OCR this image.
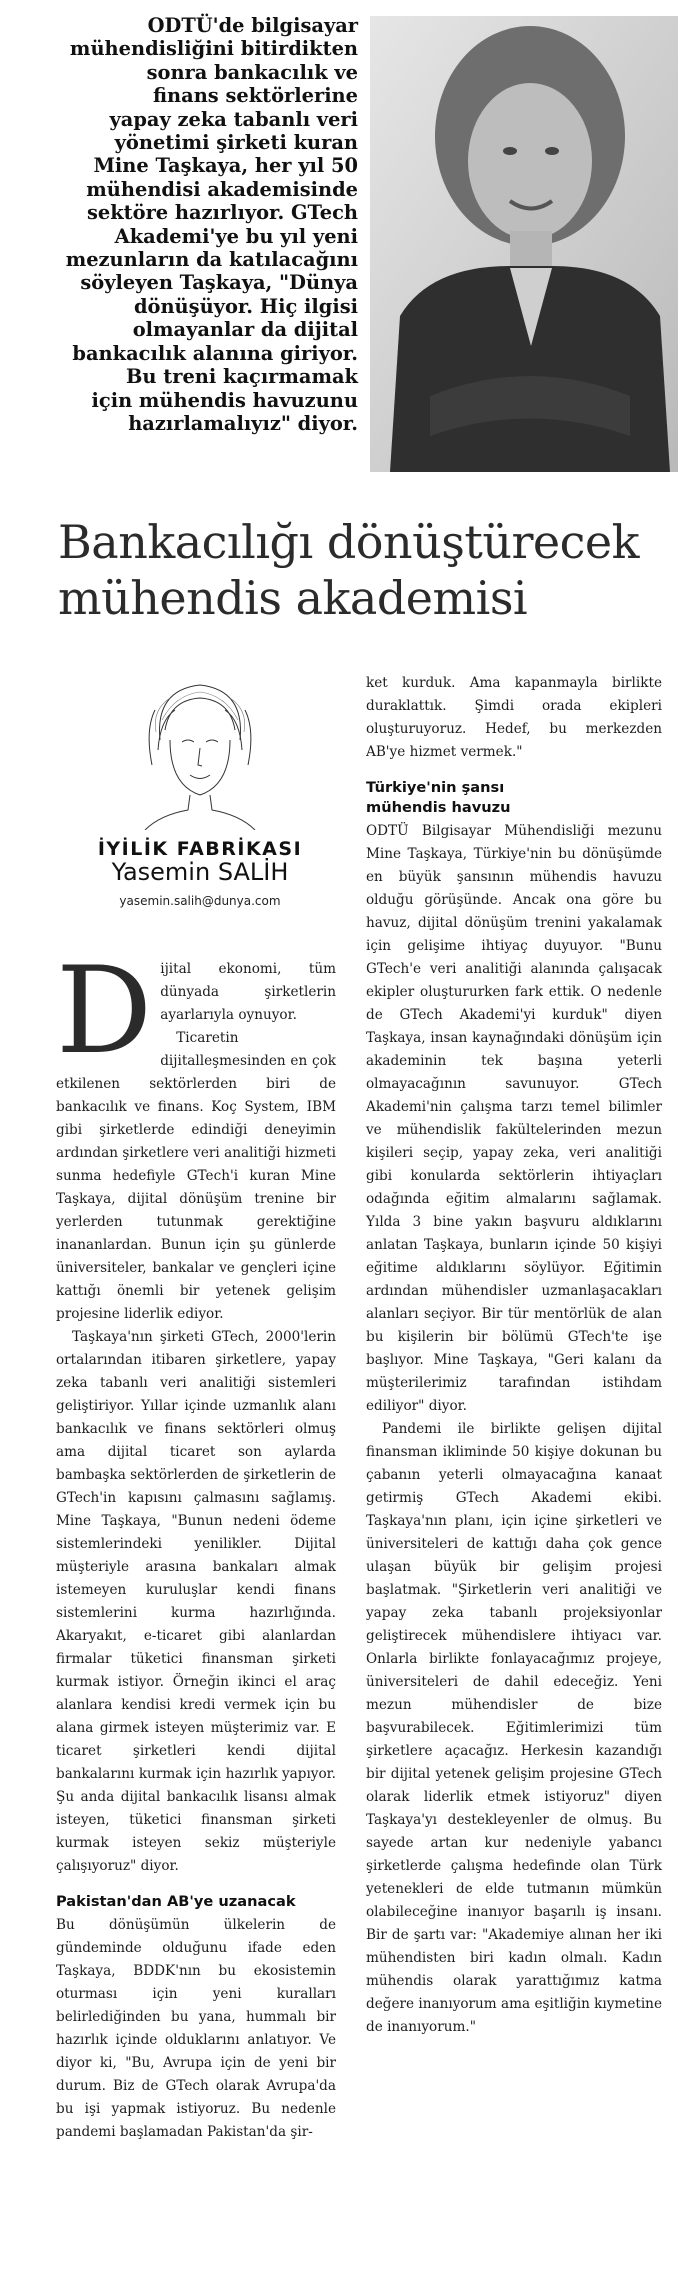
ODTÜ'de bilgisayar
mühendisliğini bitirdikten
sonra bankacılık ve
finans sektörlerine
yapay zeka tabanlı veri
yönetimi şirketi kuran
Mine Taşkaya, her yıl 50
mühendisi akademisinde
sektöre hazırlıyor. GTech
Akademi'ye bu yıl yeni
mezunların da katılacağını
söyleyen Taşkaya, "Dünya
dönüşüyor. Hiç ilgisi
olmayanlar da dijital
bankacılık alanına giriyor.
Bu treni kaçırmamak
için mühendis havuzunu
hazırlamalıyız" diyor.
Bankacılığı dönüştürecek
mühendis akademisi
İYİLİK FABRİKASI
Yasemin SALİH
yasemin.salih@dunya.com

Dijital ekonomi, tüm dünyada şirketlerin ayarlarıyla oynuyor.

Ticaretin dijitalleşmesinden en çok etkilenen sektörlerden biri de bankacılık ve finans. Koç System, IBM gibi şirketlerde edindiği deneyimin ardından şirketlere veri analitiği hizmeti sunma hedefiyle GTech'i kuran Mine Taşkaya, dijital dönüşüm trenine bir yerlerden tutunmak gerektiğine inananlardan. Bunun için şu günlerde üniversiteler, bankalar ve gençleri içine kattığı önemli bir yetenek gelişim projesine liderlik ediyor.

Taşkaya'nın şirketi GTech, 2000'lerin ortalarından itibaren şirketlere, yapay zeka tabanlı veri analitiği sistemleri geliştiriyor. Yıllar içinde uzmanlık alanı bankacılık ve finans sektörleri olmuş ama dijital ticaret son aylarda bambaşka sektörlerden de şirketlerin de GTech'in kapısını çalmasını sağlamış. Mine Taşkaya, "Bunun nedeni ödeme sistemlerindeki yenilikler. Dijital müşteriyle arasına bankaları almak istemeyen kuruluşlar kendi finans sistemlerini kurma hazırlığında. Akaryakıt, e-ticaret gibi alanlardan firmalar tüketici finansman şirketi kurmak istiyor. Örneğin ikinci el araç alanlara kendisi kredi vermek için bu alana girmek isteyen müşterimiz var. E ticaret şirketleri kendi dijital bankalarını kurmak için hazırlık yapıyor. Şu anda dijital bankacılık lisansı almak isteyen, tüketici finansman şirketi kurmak isteyen sekiz müşteriyle çalışıyoruz" diyor.

Pakistan'dan AB'ye uzanacak

Bu dönüşümün ülkelerin de gündeminde olduğunu ifade eden Taşkaya, BDDK'nın bu ekosistemin oturması için yeni kuralları belirlediğinden bu yana, hummalı bir hazırlık içinde olduklarını anlatıyor. Ve diyor ki, "Bu, Avrupa için de yeni bir durum. Biz de GTech olarak Avrupa'da bu işi yapmak istiyoruz. Bu nedenle pandemi başlamadan Pakistan'da şir-

ket kurduk. Ama kapanmayla birlikte duraklattık. Şimdi orada ekipleri oluşturuyoruz. Hedef, bu merkezden AB'ye hizmet vermek."

Türkiye'nin şansı
mühendis havuzu

ODTÜ Bilgisayar Mühendisliği mezunu Mine Taşkaya, Türkiye'nin bu dönüşümde en büyük şansının mühendis havuzu olduğu görüşünde. Ancak ona göre bu havuz, dijital dönüşüm trenini yakalamak için gelişime ihtiyaç duyuyor. "Bunu GTech'e veri analitiği alanında çalışacak ekipler oluştururken fark ettik. O nedenle de GTech Akademi'yi kurduk" diyen Taşkaya, insan kaynağındaki dönüşüm için akademinin tek başına yeterli olmayacağının savunuyor. GTech Akademi'nin çalışma tarzı temel bilimler ve mühendislik fakültelerinden mezun kişileri seçip, yapay zeka, veri analitiği gibi konularda sektörlerin ihtiyaçları odağında eğitim almalarını sağlamak. Yılda 3 bine yakın başvuru aldıklarını anlatan Taşkaya, bunların içinde 50 kişiyi eğitime aldıklarını söylüyor. Eğitimin ardından mühendisler uzmanlaşacakları alanları seçiyor. Bir tür mentörlük de alan bu kişilerin bir bölümü GTech'te işe başlıyor. Mine Taşkaya, "Geri kalanı da müşterilerimiz tarafından istihdam ediliyor" diyor.

Pandemi ile birlikte gelişen dijital finansman ikliminde 50 kişiye dokunan bu çabanın yeterli olmayacağına kanaat getirmiş GTech Akademi ekibi. Taşkaya'nın planı, için içine şirketleri ve üniversiteleri de kattığı daha çok gence ulaşan büyük bir gelişim projesi başlatmak. "Şirketlerin veri analitiği ve yapay zeka tabanlı projeksiyonlar geliştirecek mühendislere ihtiyacı var. Onlarla birlikte fonlayacağımız projeye, üniversiteleri de dahil edeceğiz. Yeni mezun mühendisler de bize başvurabilecek. Eğitimlerimizi tüm şirketlere açacağız. Herkesin kazandığı bir dijital yetenek gelişim projesine GTech olarak liderlik etmek istiyoruz" diyen Taşkaya'yı destekleyenler de olmuş. Bu sayede artan kur nedeniyle yabancı şirketlerde çalışma hedefinde olan Türk yetenekleri de elde tutmanın mümkün olabileceğine inanıyor başarılı iş insanı. Bir de şartı var: "Akademiye alınan her iki mühendisten biri kadın olmalı. Kadın mühendis olarak yarattığımız katma değere inanıyorum ama eşitliğin kıymetine de inanıyorum."
